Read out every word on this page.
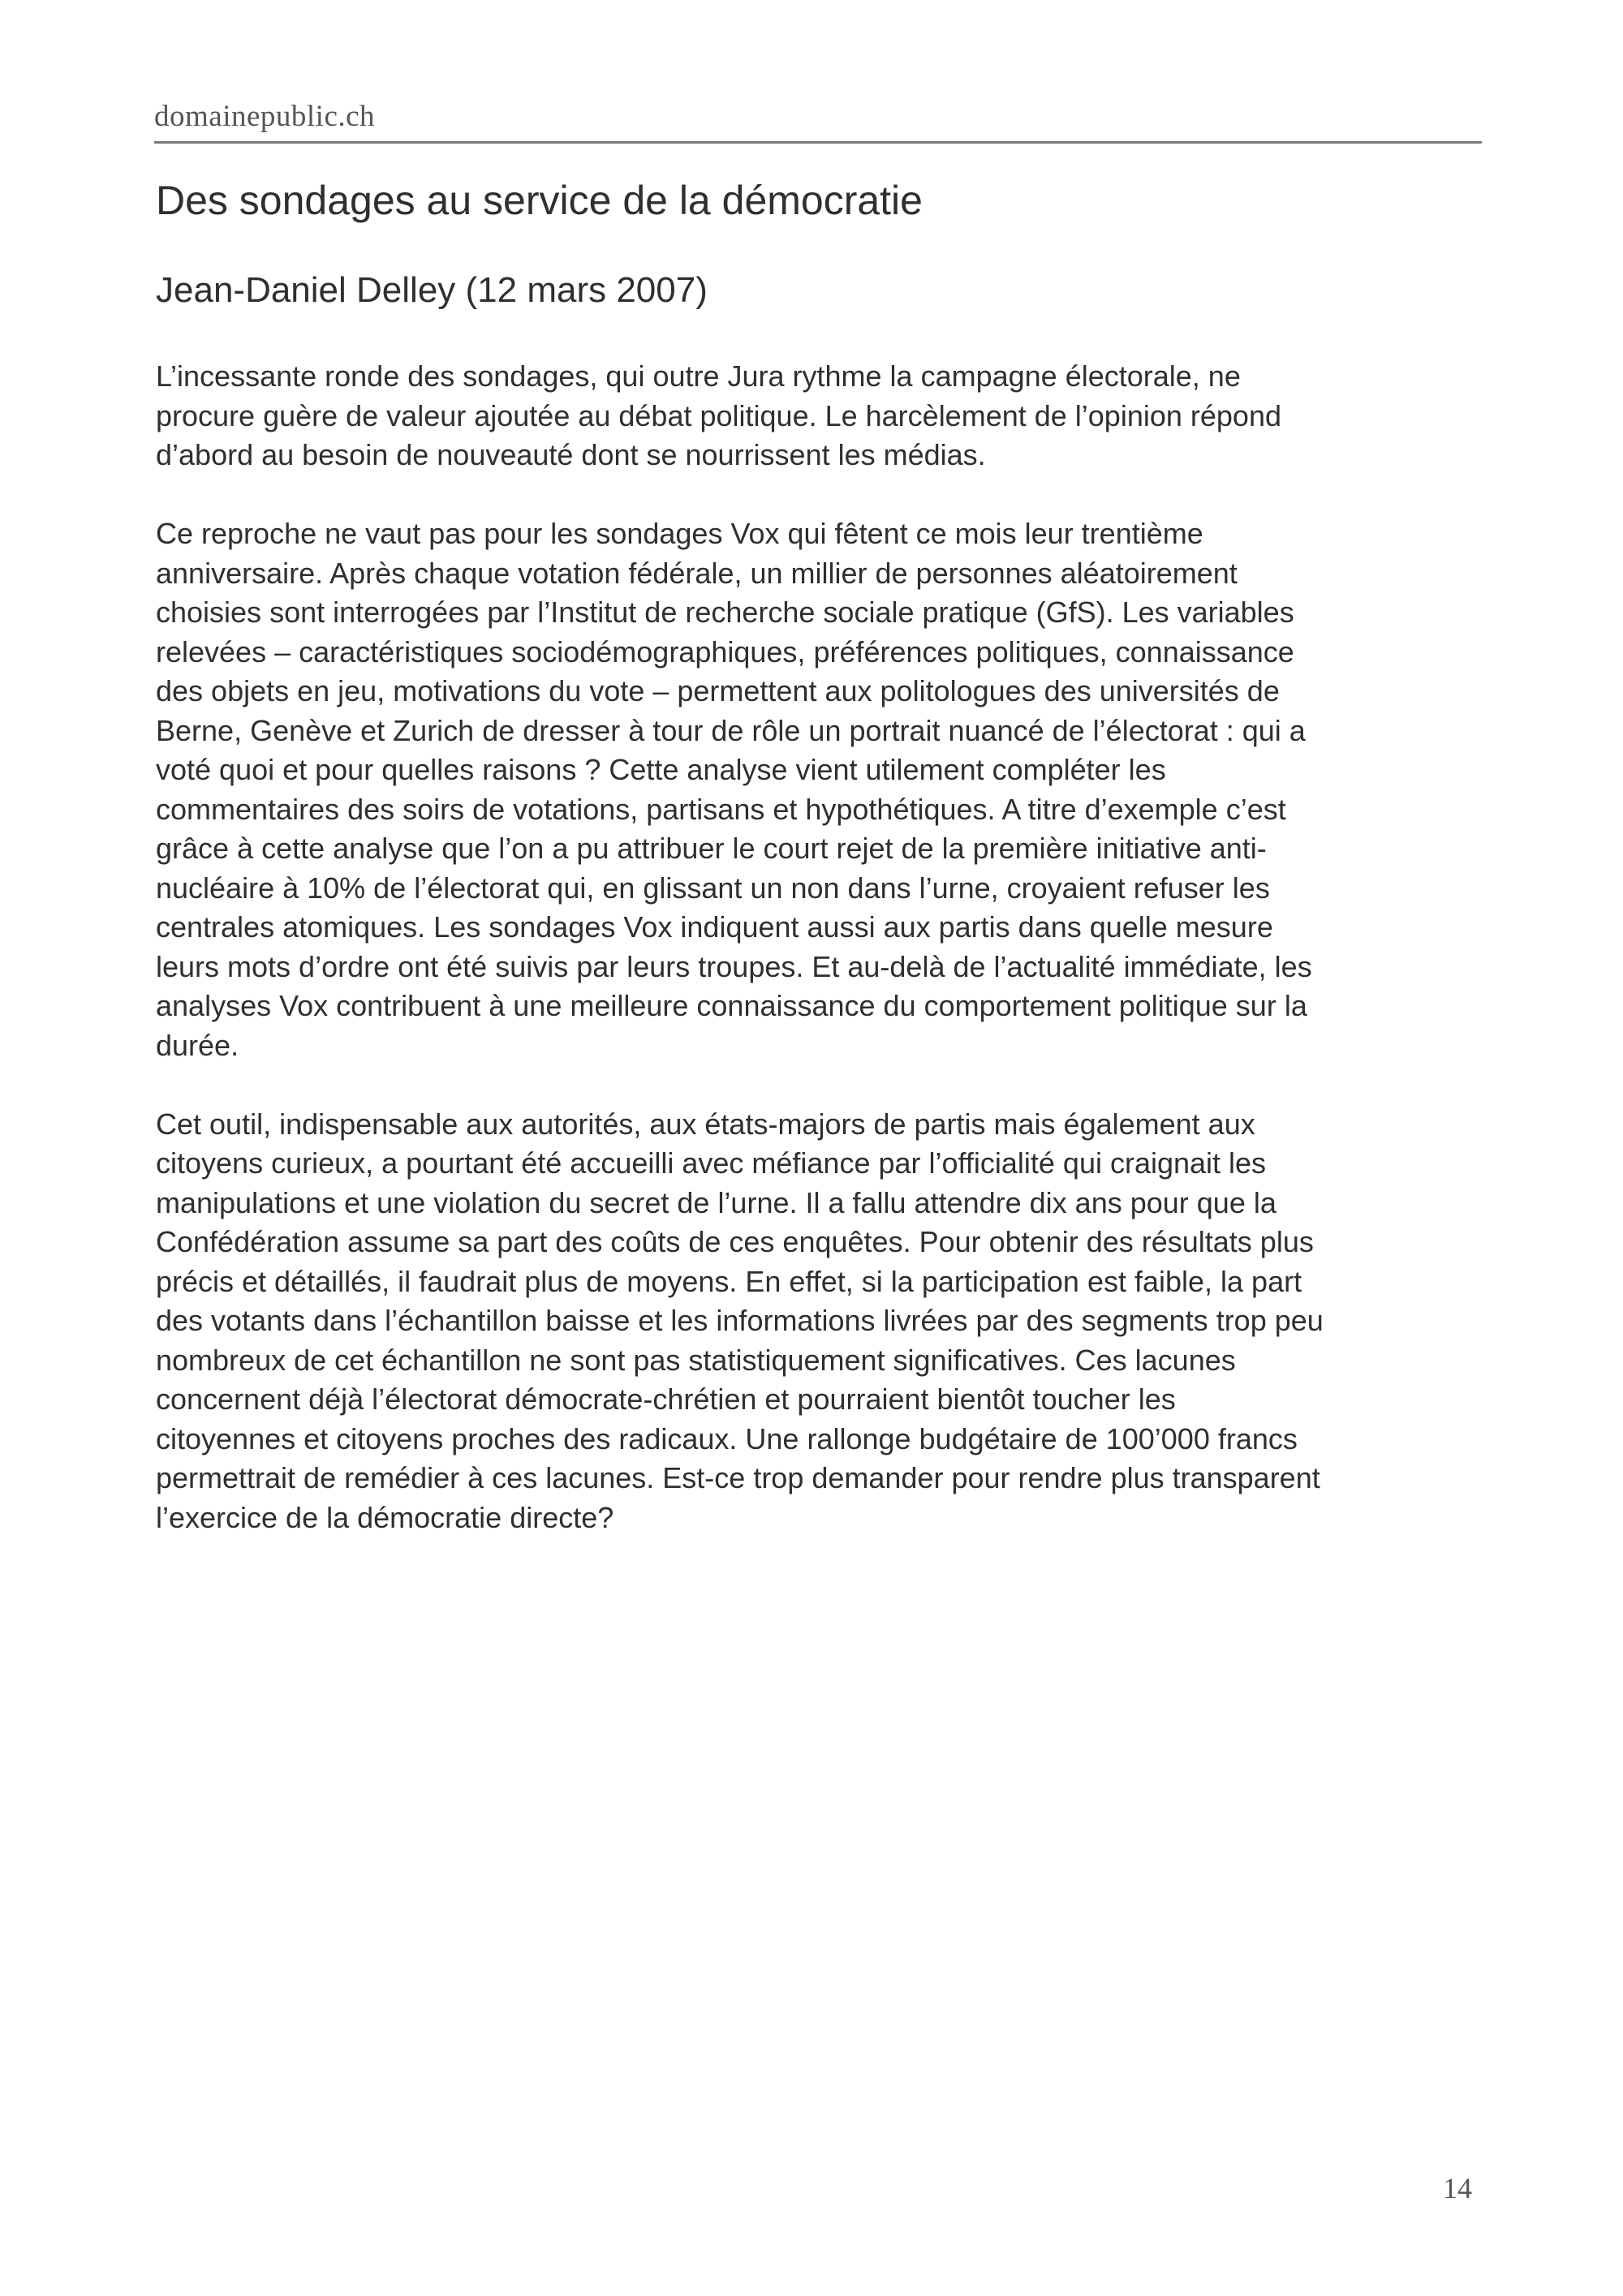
domainepublic.ch
Des sondages au service de la démocratie
Jean-Daniel Delley (12 mars 2007)

L’incessante ronde des sondages, qui outre Jura rythme la campagne électorale, ne

procure guère de valeur ajoutée au débat politique. Le harcèlement de l’opinion répond

d’abord au besoin de nouveauté dont se nourrissent les médias.

Ce reproche ne vaut pas pour les sondages Vox qui fêtent ce mois leur trentième

anniversaire. Après chaque votation fédérale, un millier de personnes aléatoirement

choisies sont interrogées par l’Institut de recherche sociale pratique (GfS). Les variables

relevées – caractéristiques sociodémographiques, préférences politiques, connaissance

des objets en jeu, motivations du vote – permettent aux politologues des universités de

Berne, Genève et Zurich de dresser à tour de rôle un portrait nuancé de l’électorat : qui a

voté quoi et pour quelles raisons ? Cette analyse vient utilement compléter les

commentaires des soirs de votations, partisans et hypothétiques. A titre d’exemple c’est

grâce à cette analyse que l’on a pu attribuer le court rejet de la première initiative anti-

nucléaire à 10% de l’électorat qui, en glissant un non dans l’urne, croyaient refuser les

centrales atomiques. Les sondages Vox indiquent aussi aux partis dans quelle mesure

leurs mots d’ordre ont été suivis par leurs troupes. Et au-delà de l’actualité immédiate, les

analyses Vox contribuent à une meilleure connaissance du comportement politique sur la

durée.

Cet outil, indispensable aux autorités, aux états-majors de partis mais également aux

citoyens curieux, a pourtant été accueilli avec méfiance par l’officialité qui craignait les

manipulations et une violation du secret de l’urne. Il a fallu attendre dix ans pour que la

Confédération assume sa part des coûts de ces enquêtes. Pour obtenir des résultats plus

précis et détaillés, il faudrait plus de moyens. En effet, si la participation est faible, la part

des votants dans l’échantillon baisse et les informations livrées par des segments trop peu

nombreux de cet échantillon ne sont pas statistiquement significatives. Ces lacunes

concernent déjà l’électorat démocrate-chrétien et pourraient bientôt toucher les

citoyennes et citoyens proches des radicaux. Une rallonge budgétaire de 100’000 francs

permettrait de remédier à ces lacunes. Est-ce trop demander pour rendre plus transparent

l’exercice de la démocratie directe?

14
